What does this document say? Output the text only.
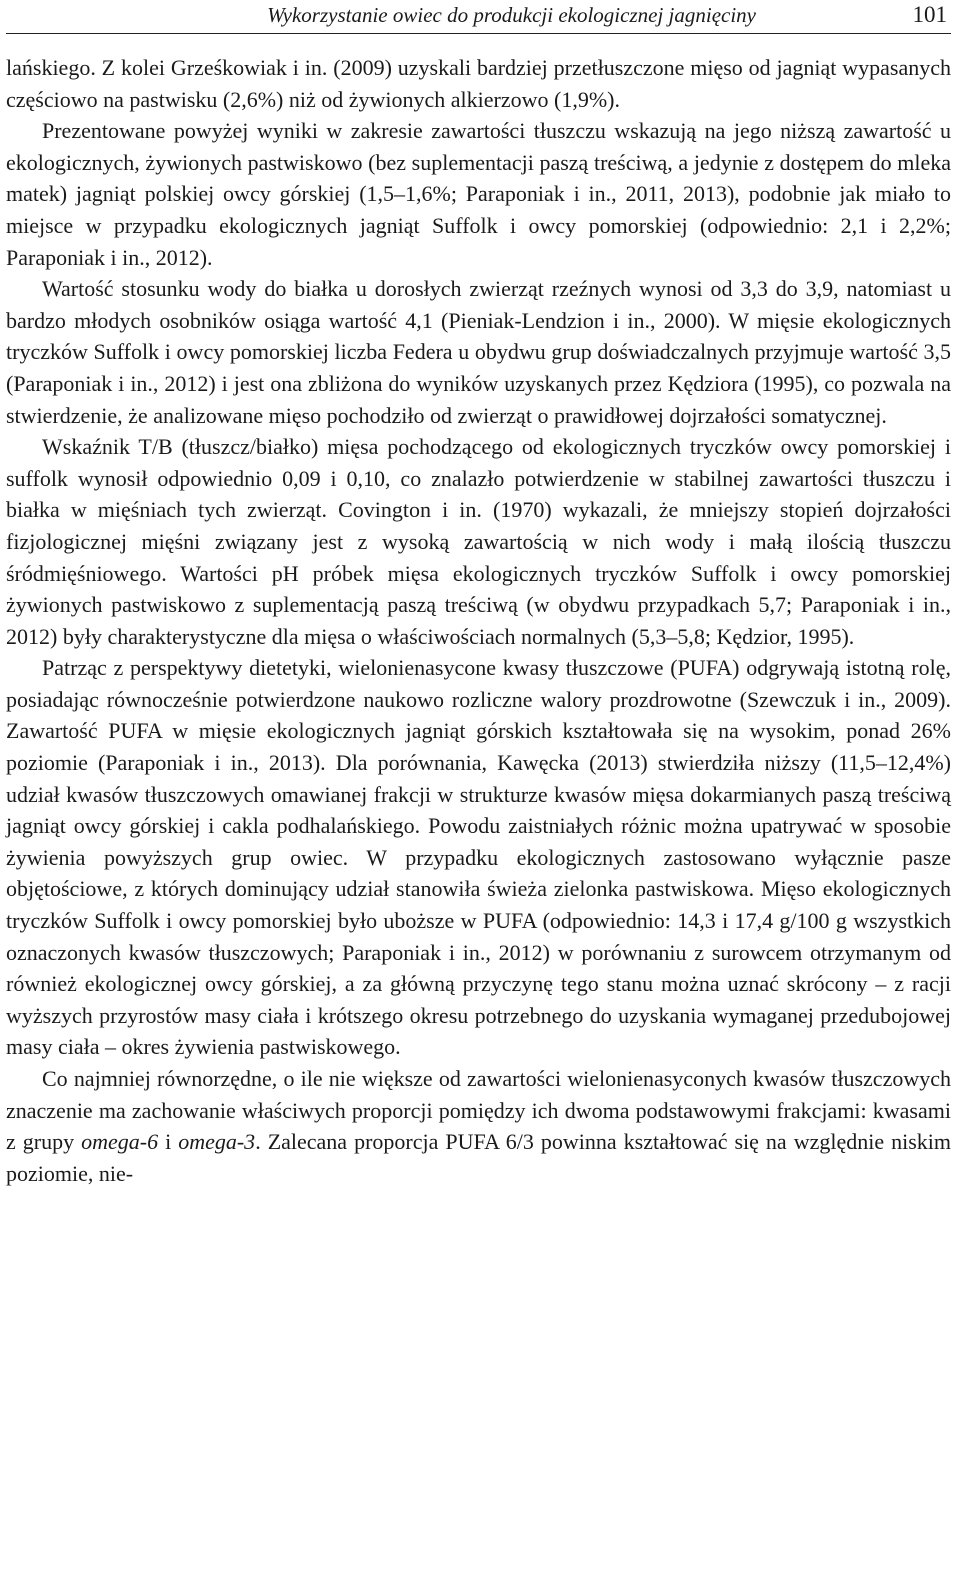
Wykorzystanie owiec do produkcji ekologicznej jagnięciny	101

lańskiego. Z kolei Grześkowiak i in. (2009) uzyskali bardziej przetłuszczone mięso od jagniąt wypasanych częściowo na pastwisku (2,6%) niż od żywionych alkierzowo (1,9%).

Prezentowane powyżej wyniki w zakresie zawartości tłuszczu wskazują na jego niższą zawartość u ekologicznych, żywionych pastwiskowo (bez suplementacji paszą treściwą, a jedynie z dostępem do mleka matek) jagniąt polskiej owcy górskiej (1,5–1,6%; Paraponiak i in., 2011, 2013), podobnie jak miało to miejsce w przypadku ekologicznych jagniąt Suffolk i owcy pomorskiej (odpowiednio: 2,1 i 2,2%; Paraponiak i in., 2012).

Wartość stosunku wody do białka u dorosłych zwierząt rzeźnych wynosi od 3,3 do 3,9, natomiast u bardzo młodych osobników osiąga wartość 4,1 (Pieniak-Lendzion i in., 2000). W mięsie ekologicznych tryczków Suffolk i owcy pomorskiej liczba Federa u obydwu grup doświadczalnych przyjmuje wartość 3,5 (Paraponiak i in., 2012) i jest ona zbliżona do wyników uzyskanych przez Kędziora (1995), co pozwala na stwierdzenie, że analizowane mięso pochodziło od zwierząt o prawidłowej dojrzałości somatycznej.

Wskaźnik T/B (tłuszcz/białko) mięsa pochodzącego od ekologicznych tryczków owcy pomorskiej i suffolk wynosił odpowiednio 0,09 i 0,10, co znalazło potwierdzenie w stabilnej zawartości tłuszczu i białka w mięśniach tych zwierząt. Covington i in. (1970) wykazali, że mniejszy stopień dojrzałości fizjologicznej mięśni związany jest z wysoką zawartością w nich wody i małą ilością tłuszczu śródmięśniowego. Wartości pH próbek mięsa ekologicznych tryczków Suffolk i owcy pomorskiej żywionych pastwiskowo z suplementacją paszą treściwą (w obydwu przypadkach 5,7; Paraponiak i in., 2012) były charakterystyczne dla mięsa o właściwościach normalnych (5,3–5,8; Kędzior, 1995).

Patrząc z perspektywy dietetyki, wielonienasycone kwasy tłuszczowe (PUFA) odgrywają istotną rolę, posiadając równocześnie potwierdzone naukowo rozliczne walory prozdrowotne (Szewczuk i in., 2009). Zawartość PUFA w mięsie ekologicznych jagniąt górskich kształtowała się na wysokim, ponad 26% poziomie (Paraponiak i in., 2013). Dla porównania, Kawęcka (2013) stwierdziła niższy (11,5–12,4%) udział kwasów tłuszczowych omawianej frakcji w strukturze kwasów mięsa dokarmianych paszą treściwą jagniąt owcy górskiej i cakla podhalańskiego. Powodu zaistniałych różnic można upatrywać w sposobie żywienia powyższych grup owiec. W przypadku ekologicznych zastosowano wyłącznie pasze objętościowe, z których dominujący udział stanowiła świeża zielonka pastwiskowa. Mięso ekologicznych tryczków Suffolk i owcy pomorskiej było uboższe w PUFA (odpowiednio: 14,3 i 17,4 g/100 g wszystkich oznaczonych kwasów tłuszczowych; Paraponiak i in., 2012) w porównaniu z surowcem otrzymanym od również ekologicznej owcy górskiej, a za główną przyczynę tego stanu można uznać skrócony – z racji wyższych przyrostów masy ciała i krótszego okresu potrzebnego do uzyskania wymaganej przedubojowej masy ciała – okres żywienia pastwiskowego.

Co najmniej równorzędne, o ile nie większe od zawartości wielonienasyconych kwasów tłuszczowych znaczenie ma zachowanie właściwych proporcji pomiędzy ich dwoma podstawowymi frakcjami: kwasami z grupy omega-6 i omega-3. Zalecana proporcja PUFA 6/3 powinna kształtować się na względnie niskim poziomie, nie-
